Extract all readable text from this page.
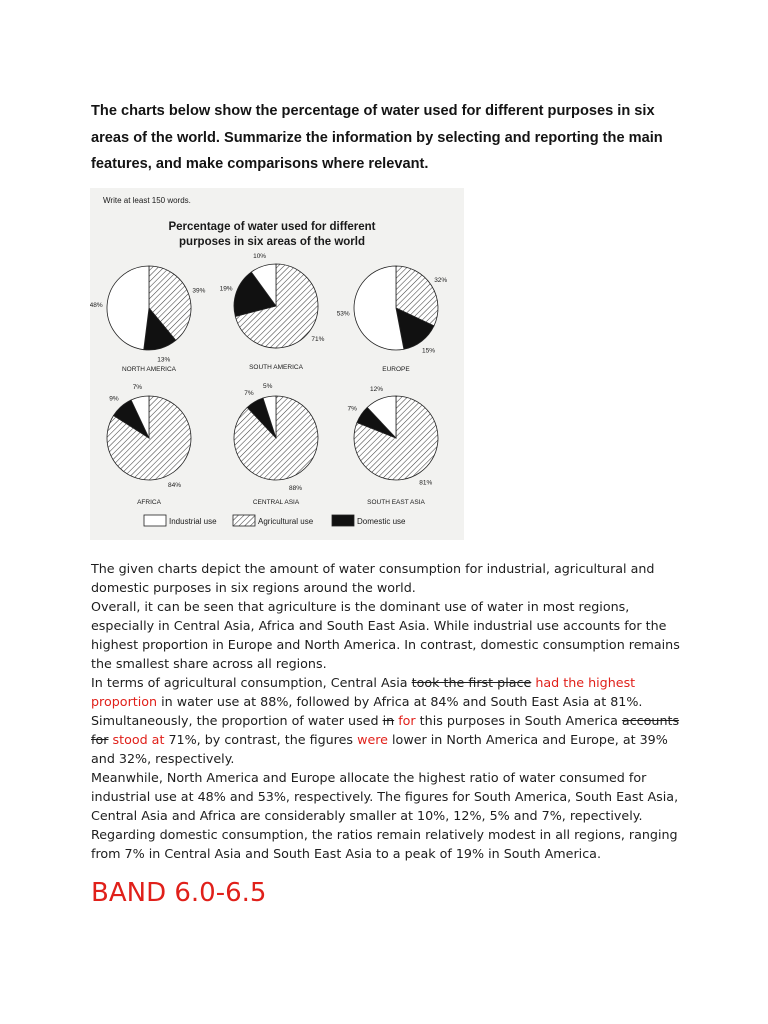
The charts below show the percentage of water used for different purposes in six
areas of the world. Summarize the information by selecting and reporting the main
features, and make comparisons where relevant.
Write at least 150 words.
Percentage of water used for different
purposes in six areas of the world
39%
13%
48%
NORTH AMERICA
71%
19%
10%
SOUTH AMERICA
32%
15%
53%
EUROPE
84%
9%
7%
AFRICA
88%
7%
5%
CENTRAL ASIA
81%
7%
12%
SOUTH EAST ASIA
Industrial use	Agricultural use	Domestic use

The given charts depict the amount of water consumption for industrial, agricultural and domestic purposes in six regions around the world.

Overall, it can be seen that agriculture is the dominant use of water in most regions, especially in Central Asia, Africa and South East Asia. While industrial use accounts for the highest proportion in Europe and North America. In contrast, domestic consumption remains the smallest share across all regions.

In terms of agricultural consumption, Central Asia took the first place had the highest proportion in water use at 88%, followed by Africa at 84% and South East Asia at 81%. Simultaneously, the proportion of water used in for this purposes in South America accounts for stood at 71%, by contrast, the figures were lower in North America and Europe, at 39% and 32%, respectively.

Meanwhile, North America and Europe allocate the highest ratio of water consumed for industrial use at 48% and 53%, respectively. The figures for South America, South East Asia, Central Asia and Africa are considerably smaller at 10%, 12%, 5% and 7%, repectively. Regarding domestic consumption, the ratios remain relatively modest in all regions, ranging from 7% in Central Asia and South East Asia to a peak of 19% in South America.

BAND 6.0-6.5
